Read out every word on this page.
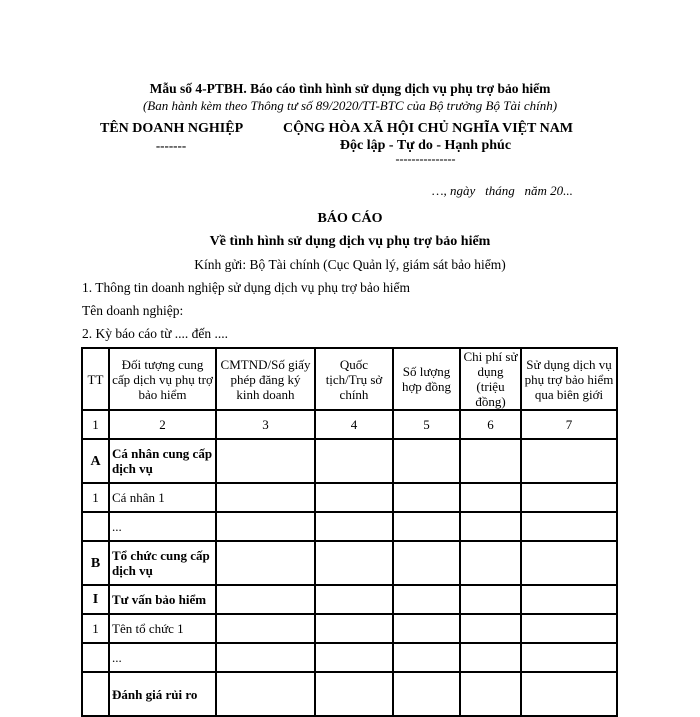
Mẫu số 4-PTBH. Báo cáo tình hình sử dụng dịch vụ phụ trợ bảo hiểm
(Ban hành kèm theo Thông tư số 89/2020/TT-BTC của Bộ trưởng Bộ Tài chính)
TÊN DOANH NGHIỆP
-------
CỘNG HÒA XÃ HỘI CHỦ NGHĨA VIỆT NAM
Độc lập - Tự do - Hạnh phúc
---------------
…, ngày   tháng   năm 20...
BÁO CÁO
Về tình hình sử dụng dịch vụ phụ trợ bảo hiểm
Kính gửi: Bộ Tài chính (Cục Quản lý, giám sát bảo hiểm)
1. Thông tin doanh nghiệp sử dụng dịch vụ phụ trợ bảo hiểm
Tên doanh nghiệp:
2. Kỳ báo cáo từ .... đến ....
TT	Đối tượng cung cấp dịch vụ phụ trợ bảo hiểm	CMTND/Số giấy phép đăng ký kinh doanh	Quốc tịch/Trụ sở chính	Số lượng hợp đồng	Chi phí sử dụng (triệu đồng)	Sử dụng dịch vụ phụ trợ bảo hiểm qua biên giới
1	2	3	4	5	6	7
A	Cá nhân cung cấp dịch vụ					
1	Cá nhân 1					
	...					
B	Tổ chức cung cấp dịch vụ					
I	Tư vấn bảo hiểm					
1	Tên tổ chức 1					
	...					
	Đánh giá rủi ro					
